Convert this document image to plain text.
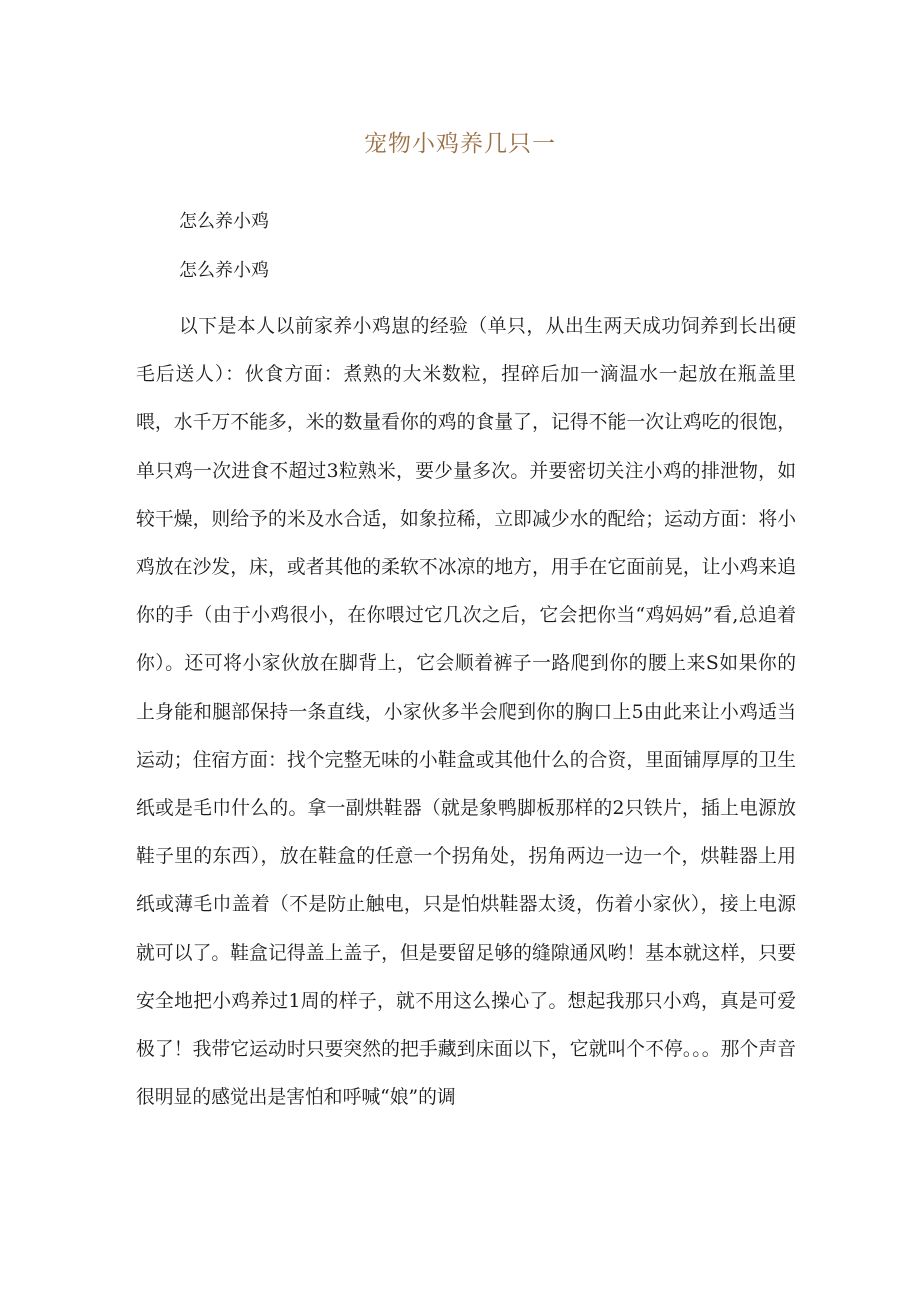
宠物小鸡养几只一

怎么养小鸡

怎么养小鸡

以下是本人以前家养小鸡崽的经验（单只，从出生两天成功饲养到长出硬毛后送人）：伙食方面：煮熟的大米数粒，捏碎后加一滴温水一起放在瓶盖里喂，水千万不能多，米的数量看你的鸡的食量了，记得不能一次让鸡吃的很饱，单只鸡一次进食不超过3粒熟米，要少量多次。并要密切关注小鸡的排泄物，如较干燥，则给予的米及水合适，如象拉稀，立即减少水的配给；运动方面：将小鸡放在沙发，床，或者其他的柔软不冰凉的地方，用手在它面前晃，让小鸡来追你的手（由于小鸡很小，在你喂过它几次之后，它会把你当“鸡妈妈”看,总追着你）。还可将小家伙放在脚背上，它会顺着裤子一路爬到你的腰上来S如果你的上身能和腿部保持一条直线，小家伙多半会爬到你的胸口上5由此来让小鸡适当运动；住宿方面：找个完整无味的小鞋盒或其他什么的合资，里面铺厚厚的卫生纸或是毛巾什么的。拿一副烘鞋器（就是象鸭脚板那样的2只铁片，插上电源放鞋子里的东西），放在鞋盒的任意一个拐角处，拐角两边一边一个，烘鞋器上用纸或薄毛巾盖着（不是防止触电，只是怕烘鞋器太烫，伤着小家伙），接上电源就可以了。鞋盒记得盖上盖子，但是要留足够的缝隙通风哟！基本就这样，只要安全地把小鸡养过1周的样子，就不用这么操心了。想起我那只小鸡，真是可爱极了！我带它运动时只要突然的把手藏到床面以下，它就叫个不停。。。那个声音很明显的感觉出是害怕和呼喊“娘”的调
